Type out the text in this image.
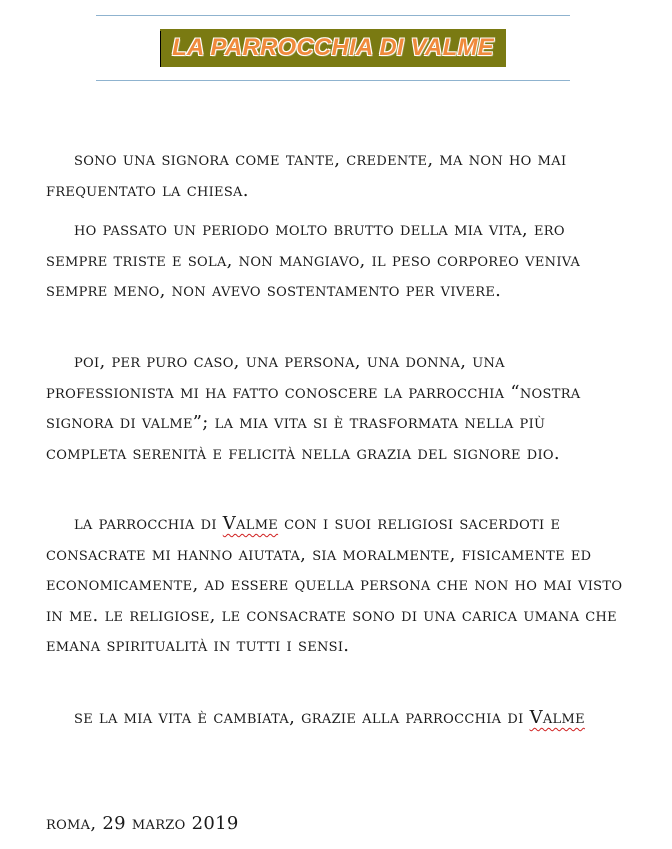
LA PARROCCHIA DI VALME

sono una signora come tante, credente, ma non ho mai frequentato la chiesa.

ho passato un periodo molto brutto della mia vita, ero sempre triste e sola, non mangiavo, il peso corporeo veniva sempre meno, non avevo sostentamento per vivere.

poi, per puro caso, una persona, una donna, una professionista mi ha fatto conoscere la parrocchia “nostra signora di valme”; la mia vita si è trasformata nella più completa serenità e felicità nella grazia del signore dio.

la parrocchia di Valme con i suoi religiosi sacerdoti e consacrate mi hanno aiutata, sia moralmente, fisicamente ed economicamente, ad essere quella persona che non ho mai visto in me. le religiose, le consacrate sono di una carica umana che emana spiritualità in tutti i sensi.

se la mia vita è cambiata, grazie alla parrocchia di Valme

roma, 29 marzo 2019
